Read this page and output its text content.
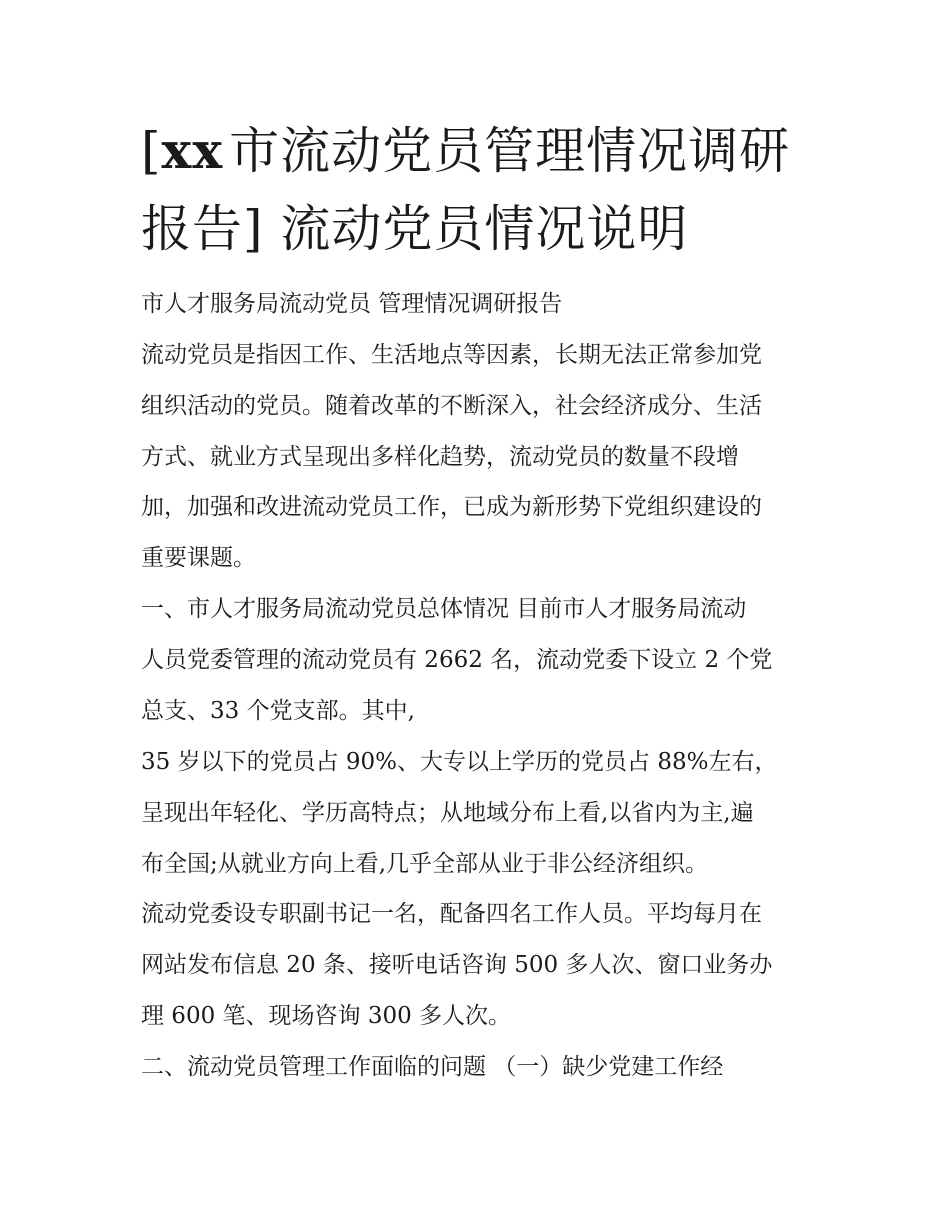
[xx  市流动党员管理情况调研
报告] 流动党员情况说明
市人才服务局流动党员 管理情况调研报告
流动党员是指因工作、生活地点等因素，长期无法正常参加党
组织活动的党员。随着改革的不断深入，社会经济成分、生活
方式、就业方式呈现出多样化趋势，流动党员的数量不段增
加，加强和改进流动党员工作，已成为新形势下党组织建设的
重要课题。
一、市人才服务局流动党员总体情况 目前市人才服务局流动
人员党委管理的流动党员有 2662 名，流动党委下设立 2 个党
总支、33 个党支部。其中,
35 岁以下的党员占 90%、大专以上学历的党员占 88%左右，
呈现出年轻化、学历高特点；从地域分布上看,以省内为主,遍
布全国;从就业方向上看,几乎全部从业于非公经济组织。
流动党委设专职副书记一名，配备四名工作人员。平均每月在
网站发布信息 20 条、接听电话咨询 500 多人次、窗口业务办
理 600 笔、现场咨询 300 多人次。
二、流动党员管理工作面临的问题 （一）缺少党建工作经
